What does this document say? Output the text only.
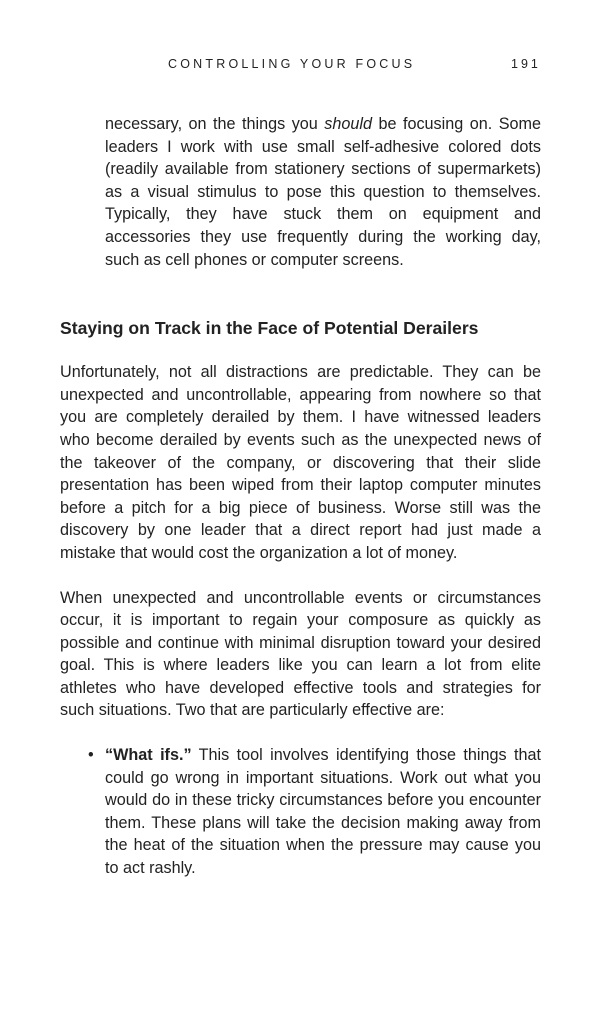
CONTROLLING YOUR FOCUS	191

necessary, on the things you should be focusing on. Some leaders I work with use small self-adhesive colored dots (readily available from stationery sections of supermarkets) as a visual stimulus to pose this question to themselves. Typically, they have stuck them on equipment and accessories they use frequently during the working day, such as cell phones or computer screens.

Staying on Track in the Face of Potential Derailers

Unfortunately, not all distractions are predictable. They can be unexpected and uncontrollable, appearing from nowhere so that you are completely derailed by them. I have witnessed leaders who become derailed by events such as the unexpected news of the takeover of the company, or discovering that their slide presentation has been wiped from their laptop computer minutes before a pitch for a big piece of business. Worse still was the discovery by one leader that a direct report had just made a mistake that would cost the organization a lot of money.

When unexpected and uncontrollable events or circumstances occur, it is important to regain your composure as quickly as possible and continue with minimal disruption toward your desired goal. This is where leaders like you can learn a lot from elite athletes who have developed effective tools and strategies for such situations. Two that are particularly effective are:

• “What ifs.” This tool involves identifying those things that could go wrong in important situations. Work out what you would do in these tricky circumstances before you encounter them. These plans will take the decision making away from the heat of the situation when the pressure may cause you to act rashly.
